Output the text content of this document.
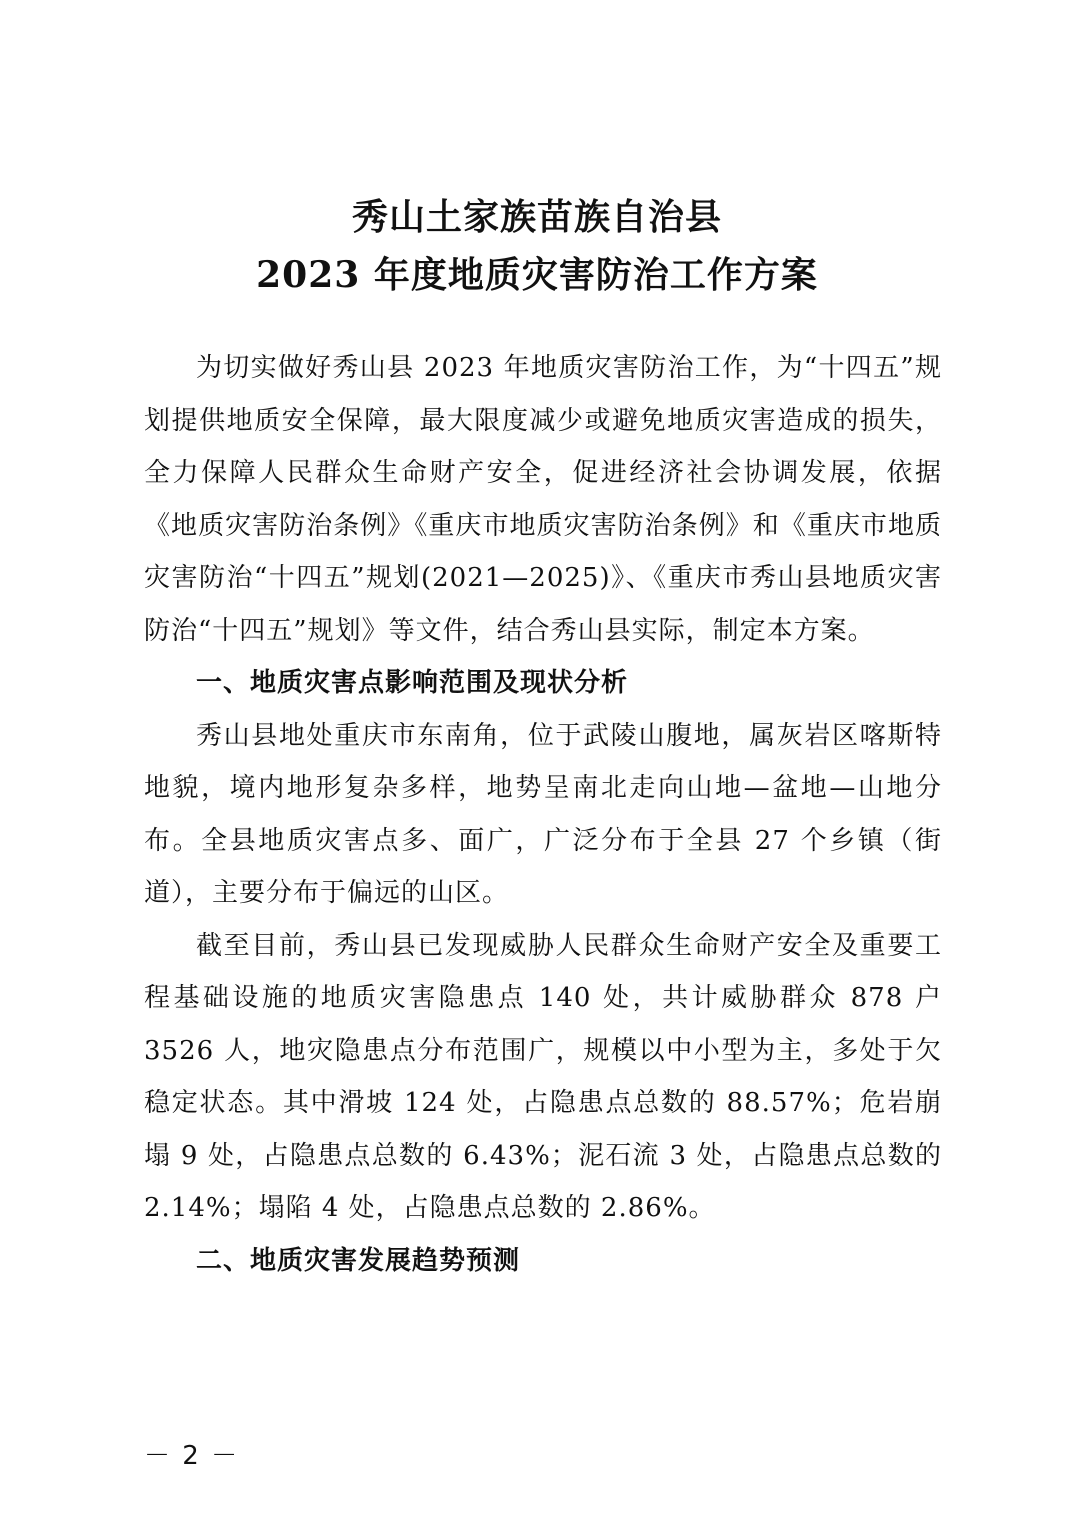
秀山土家族苗族自治县
2023 年度地质灾害防治工作方案

为切实做好秀山县 2023 年地质灾害防治工作，为“十四五”规划提供地质安全保障，最大限度减少或避免地质灾害造成的损失，全力保障人民群众生命财产安全，促进经济社会协调发展，依据《地质灾害防治条例》《重庆市地质灾害防治条例》和《重庆市地质灾害防治“十四五”规划(2021—2025)》、《重庆市秀山县地质灾害防治“十四五”规划》等文件，结合秀山县实际，制定本方案。

一、地质灾害点影响范围及现状分析

秀山县地处重庆市东南角，位于武陵山腹地，属灰岩区喀斯特地貌，境内地形复杂多样，地势呈南北走向山地—盆地—山地分布。全县地质灾害点多、面广，广泛分布于全县 27 个乡镇（街道），主要分布于偏远的山区。

截至目前，秀山县已发现威胁人民群众生命财产安全及重要工程基础设施的地质灾害隐患点 140 处，共计威胁群众 878 户 3526 人，地灾隐患点分布范围广，规模以中小型为主，多处于欠稳定状态。其中滑坡 124 处，占隐患点总数的 88.57%；危岩崩塌 9 处，占隐患点总数的 6.43%；泥石流 3 处，占隐患点总数的 2.14%；塌陷 4 处，占隐患点总数的 2.86%。

二、地质灾害发展趋势预测

－ 2 －
